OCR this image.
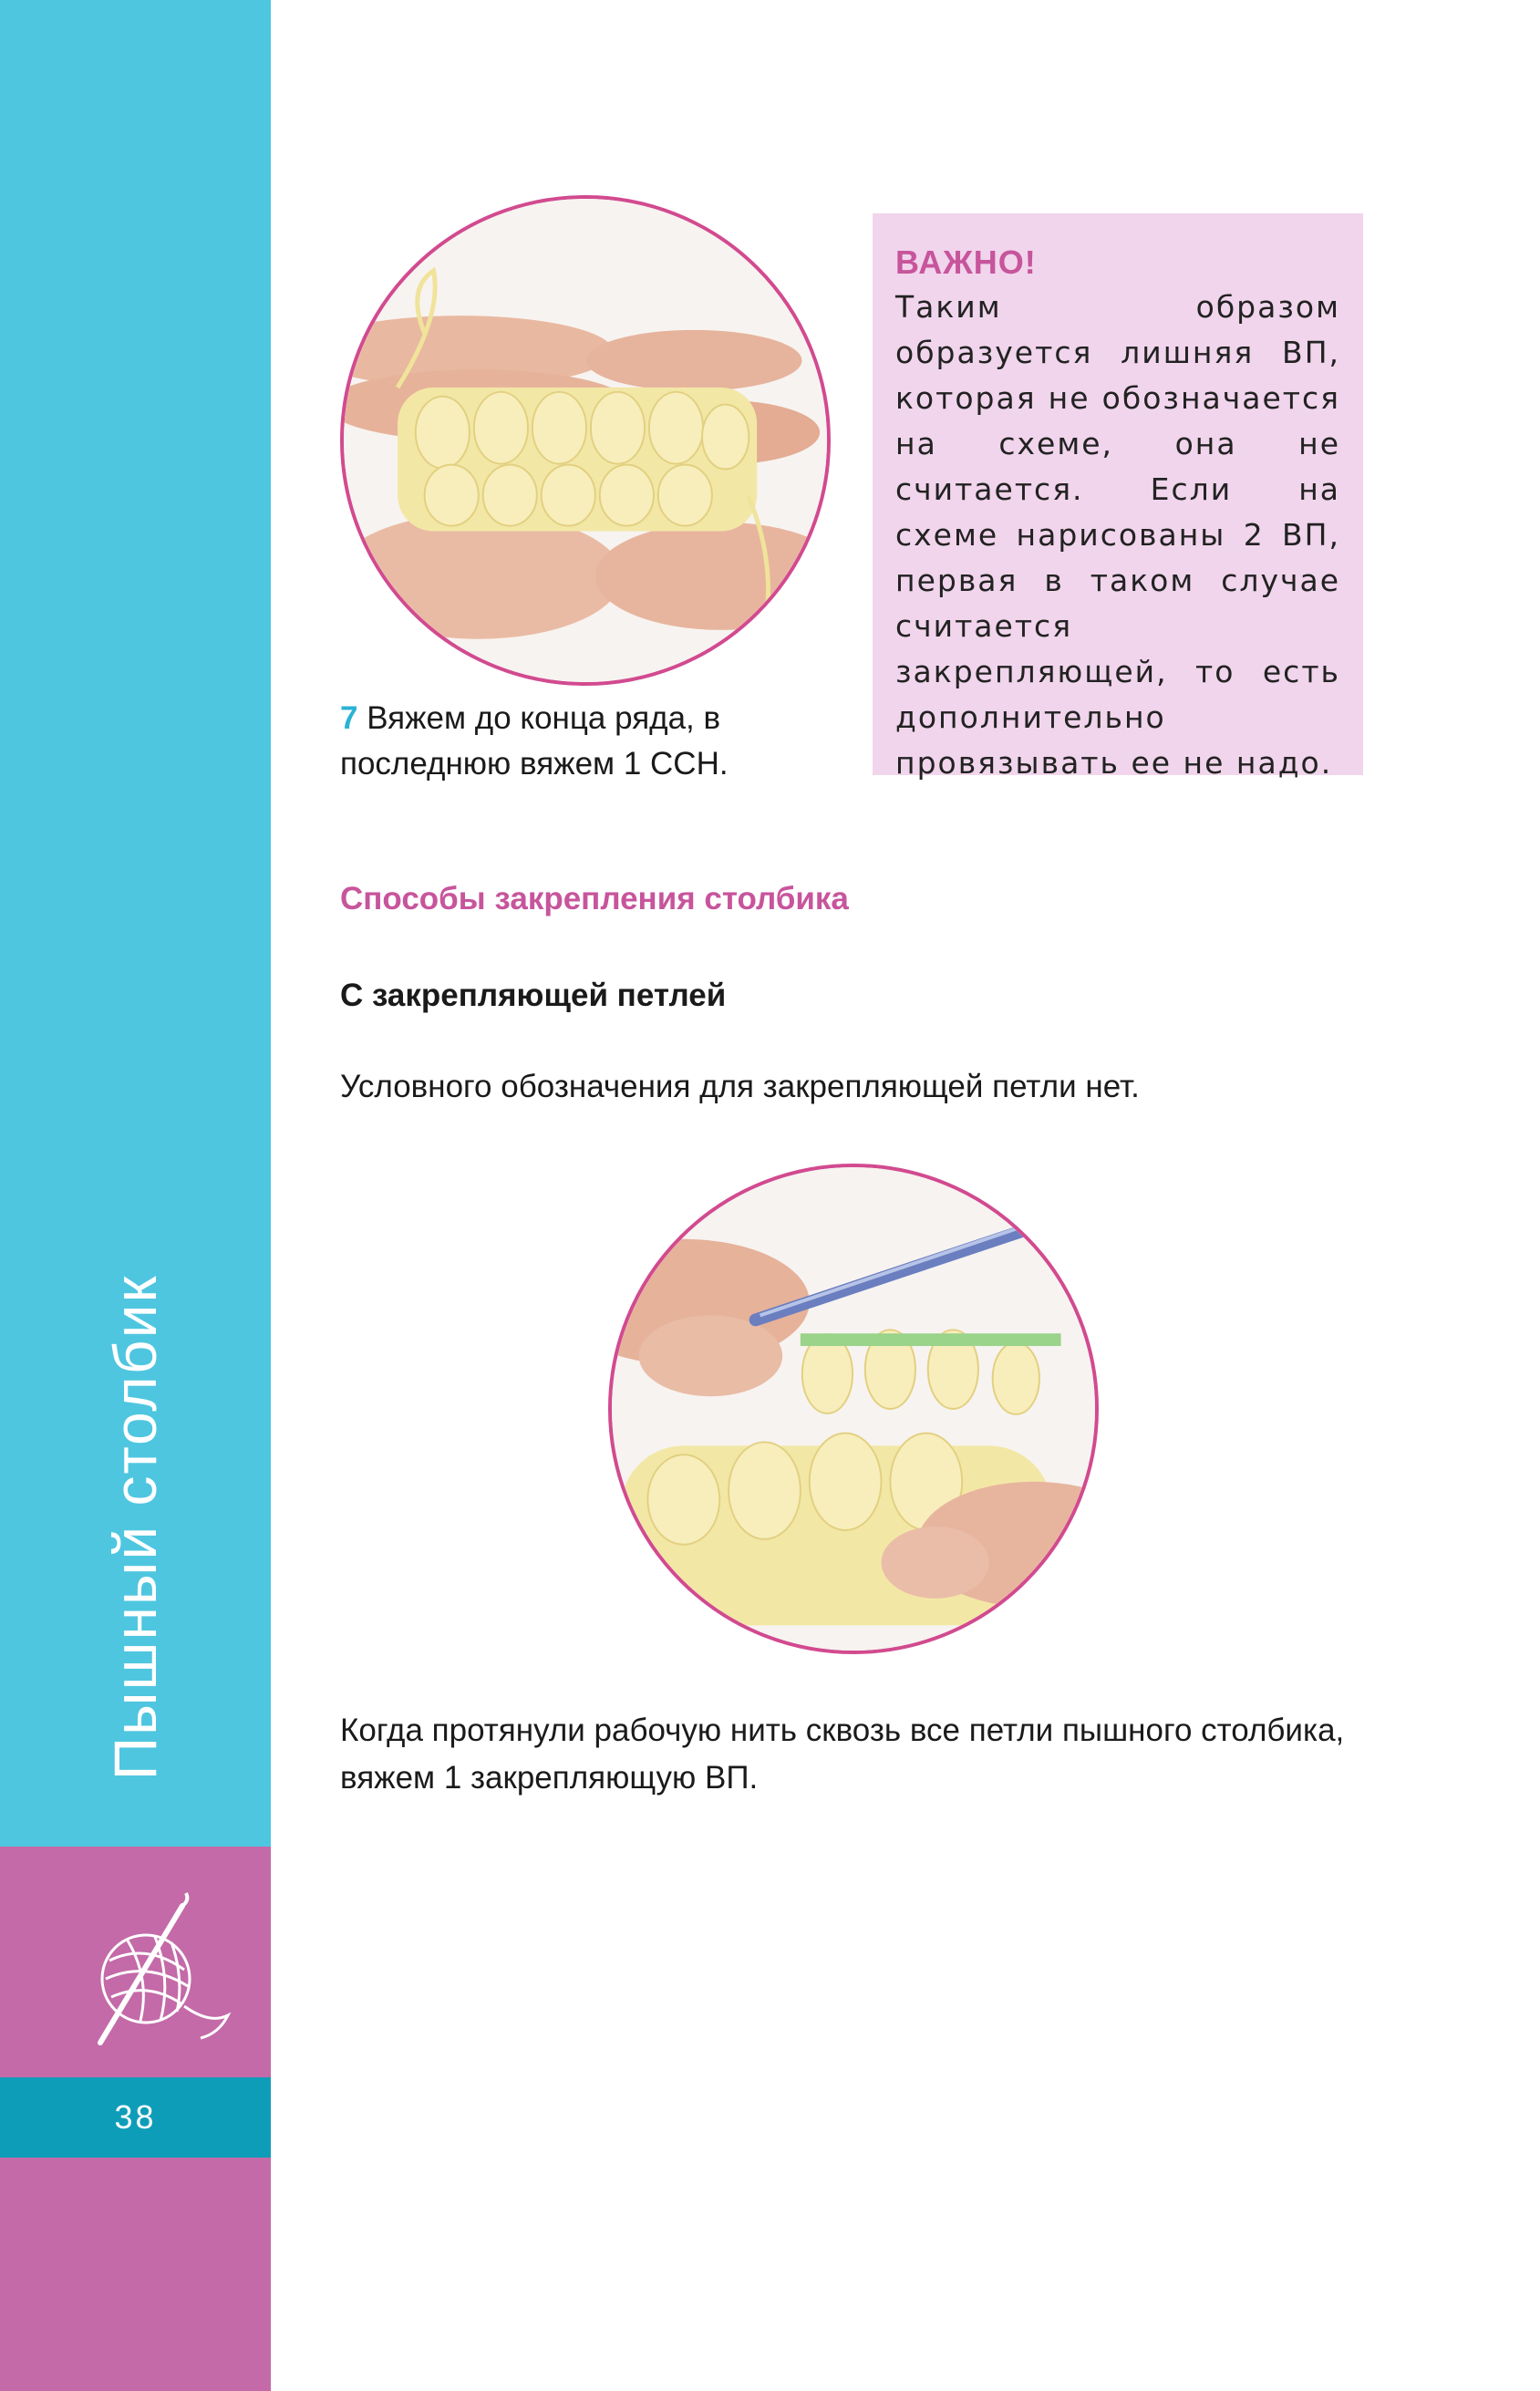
Пышный столбик
38
7 Вяжем до конца ряда, в последнюю вяжем 1 ССН.
ВАЖНО!
Таким образом образуется лишняя ВП, которая не обозначается на схеме, она не считается. Если на схеме нарисованы 2 ВП, первая в таком случае считается закрепляющей, то есть дополнительно провязывать ее не надо.
Способы закрепления столбика
С закрепляющей петлей
Условного обозначения для закрепляющей петли нет.
Когда протянули рабочую нить сквозь все петли пышного столбика, вяжем 1 закрепляющую ВП.
